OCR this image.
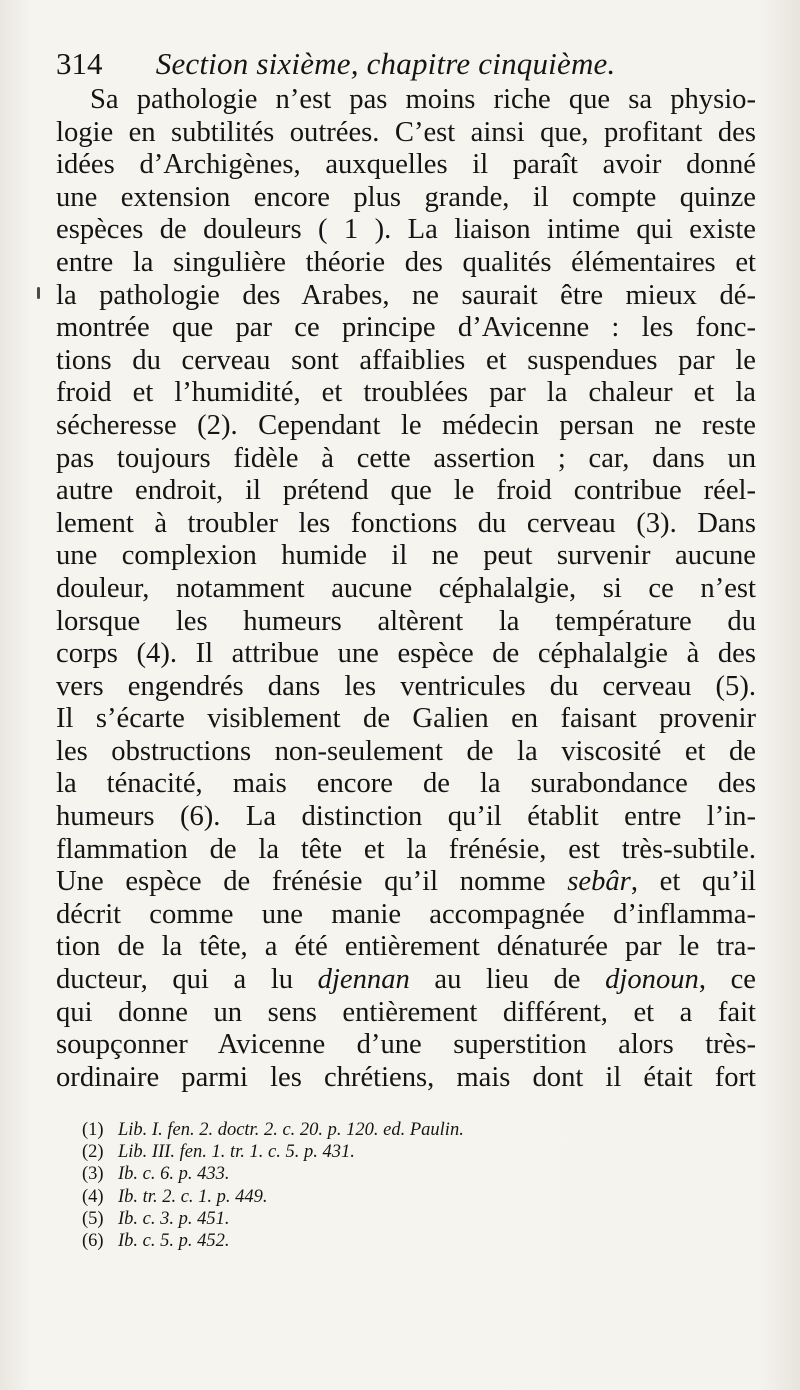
314 Section sixième, chapitre cinquième.
Sa pathologie n’est pas moins riche que sa physio-
logie en subtilités outrées. C’est ainsi que, profitant des
idées d’Archigènes, auxquelles il paraît avoir donné
une extension encore plus grande, il compte quinze
espèces de douleurs ( 1 ). La liaison intime qui existe
entre la singulière théorie des qualités élémentaires et
la pathologie des Arabes, ne saurait être mieux dé-
montrée que par ce principe d’Avicenne : les fonc-
tions du cerveau sont affaiblies et suspendues par le
froid et l’humidité, et troublées par la chaleur et la
sécheresse (2). Cependant le médecin persan ne reste
pas toujours fidèle à cette assertion ; car, dans un
autre endroit, il prétend que le froid contribue réel-
lement à troubler les fonctions du cerveau (3). Dans
une complexion humide il ne peut survenir aucune
douleur, notamment aucune céphalalgie, si ce n’est
lorsque les humeurs altèrent la température du
corps (4). Il attribue une espèce de céphalalgie à des
vers engendrés dans les ventricules du cerveau (5).
Il s’écarte visiblement de Galien en faisant provenir
les obstructions non-seulement de la viscosité et de
la ténacité, mais encore de la surabondance des
humeurs (6). La distinction qu’il établit entre l’in-
flammation de la tête et la frénésie, est très-subtile.
Une espèce de frénésie qu’il nomme sebâr, et qu’il
décrit comme une manie accompagnée d’inflamma-
tion de la tête, a été entièrement dénaturée par le tra-
ducteur, qui a lu djennan au lieu de djonoun, ce
qui donne un sens entièrement différent, et a fait
soupçonner Avicenne d’une superstition alors très-
ordinaire parmi les chrétiens, mais dont il était fort
(1) Lib. I. fen. 2. doctr. 2. c. 20. p. 120. ed. Paulin.
(2) Lib. III. fen. 1. tr. 1. c. 5. p. 431.
(3) Ib. c. 6. p. 433.
(4) Ib. tr. 2. c. 1. p. 449.
(5) Ib. c. 3. p. 451.
(6) Ib. c. 5. p. 452.
